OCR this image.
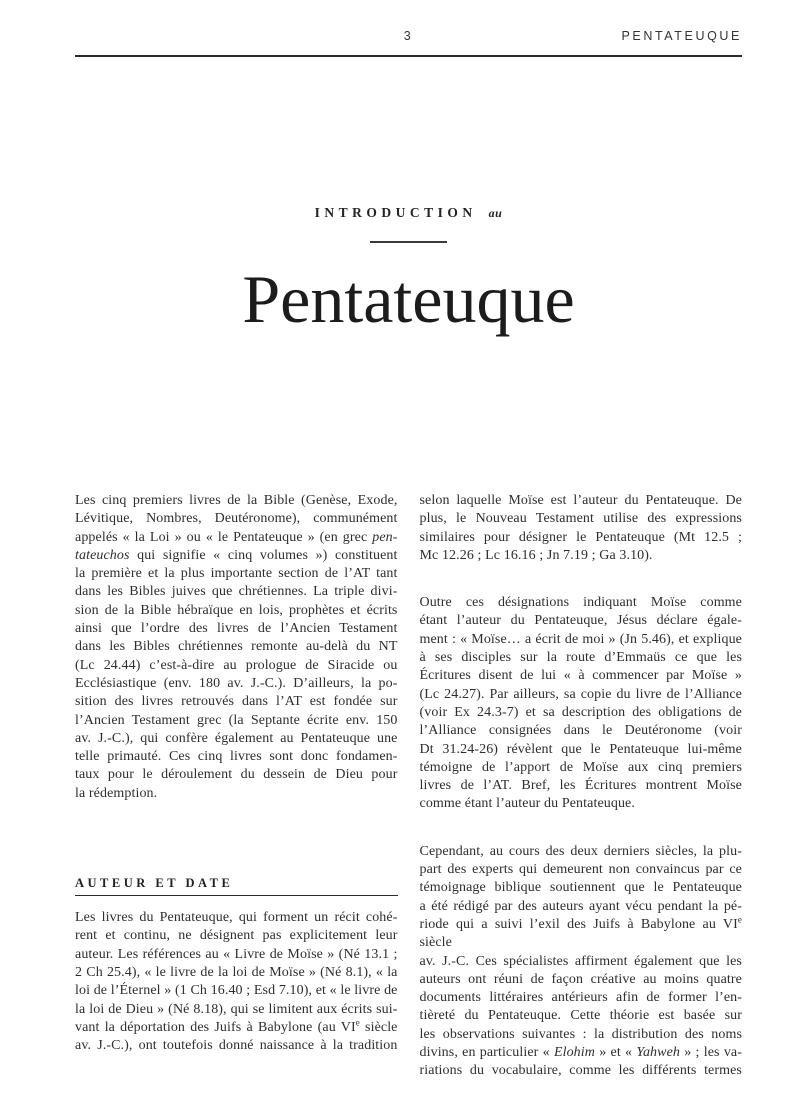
3	PENTATEUQUE
INTRODUCTION au
Pentateuque
Les cinq premiers livres de la Bible (Genèse, Exode,
Lévitique, Nombres, Deutéronome), communément
appelés « la Loi » ou « le Pentateuque » (en grec pen-
tateuchos qui signifie « cinq volumes ») constituent
la première et la plus importante section de l’AT tant
dans les Bibles juives que chrétiennes. La triple divi-
sion de la Bible hébraïque en lois, prophètes et écrits
ainsi que l’ordre des livres de l’Ancien Testament
dans les Bibles chrétiennes remonte au-delà du NT
(Lc 24.44) c’est-à-dire au prologue de Siracide ou
Ecclésiastique (env. 180 av. J.-C.). D’ailleurs, la po-
sition des livres retrouvés dans l’AT est fondée sur
l’Ancien Testament grec (la Septante écrite env. 150
av. J.-C.), qui confère également au Pentateuque une
telle primauté. Ces cinq livres sont donc fondamen-
taux pour le déroulement du dessein de Dieu pour
la rédemption.
AUTEUR ET DATE
Les livres du Pentateuque, qui forment un récit cohé-
rent et continu, ne désignent pas explicitement leur
auteur. Les références au « Livre de Moïse » (Né 13.1 ;
2 Ch 25.4), « le livre de la loi de Moïse » (Né 8.1), « la
loi de l’Éternel » (1 Ch 16.40 ; Esd 7.10), et « le livre de
la loi de Dieu » (Né 8.18), qui se limitent aux écrits sui-
vant la déportation des Juifs à Babylone (au VIe siècle
av. J.-C.), ont toutefois donné naissance à la tradition
selon laquelle Moïse est l’auteur du Pentateuque. De
plus, le Nouveau Testament utilise des expressions
similaires pour désigner le Pentateuque (Mt 12.5 ;
Mc 12.26 ; Lc 16.16 ; Jn 7.19 ; Ga 3.10).
Outre ces désignations indiquant Moïse comme
étant l’auteur du Pentateuque, Jésus déclare égale-
ment : « Moïse… a écrit de moi » (Jn 5.46), et explique
à ses disciples sur la route d’Emmaüs ce que les
Écritures disent de lui « à commencer par Moïse »
(Lc 24.27). Par ailleurs, sa copie du livre de l’Alliance
(voir Ex 24.3-7) et sa description des obligations de
l’Alliance consignées dans le Deutéronome (voir
Dt 31.24-26) révèlent que le Pentateuque lui-même
témoigne de l’apport de Moïse aux cinq premiers
livres de l’AT. Bref, les Écritures montrent Moïse
comme étant l’auteur du Pentateuque.
Cependant, au cours des deux derniers siècles, la plu-
part des experts qui demeurent non convaincus par ce
témoignage biblique soutiennent que le Pentateuque
a été rédigé par des auteurs ayant vécu pendant la pé-
riode qui a suivi l’exil des Juifs à Babylone au VIe siècle
av. J.-C. Ces spécialistes affirment également que les
auteurs ont réuni de façon créative au moins quatre
documents littéraires antérieurs afin de former l’en-
tièreté du Pentateuque. Cette théorie est basée sur
les observations suivantes : la distribution des noms
divins, en particulier « Elohim » et « Yahweh » ; les va-
riations du vocabulaire, comme les différents termes
